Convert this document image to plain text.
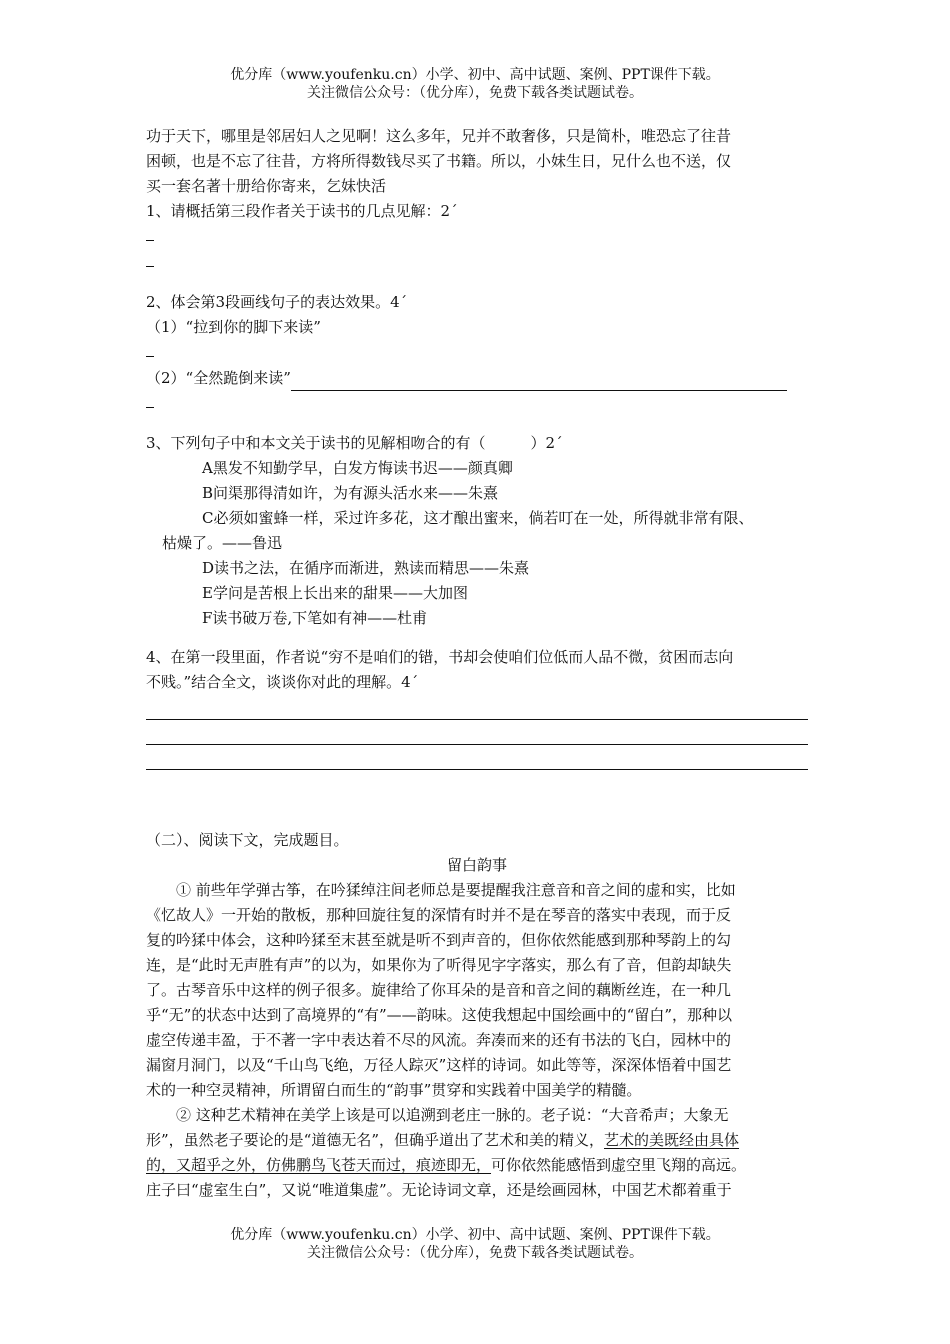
优分库（www.youfenku.cn）小学、初中、高中试题、案例、PPT课件下载。
关注微信公众号：（优分库），免费下载各类试题试卷。
功于天下，哪里是邻居妇人之见啊！这么多年，兄并不敢奢侈，只是简朴，唯恐忘了往昔
困顿，也是不忘了往昔，方将所得数钱尽买了书籍。所以，小妹生日，兄什么也不送，仅
买一套名著十册给你寄来，乞妹快活
1、请概括第三段作者关于读书的几点见解：2´
2、体会第3段画线句子的表达效果。4´
（1）“拉到你的脚下来读”
（2）“全然跪倒来读”
3、下列句子中和本文关于读书的见解相吻合的有（　　　）2´
A黑发不知勤学早，白发方悔读书迟——颜真卿
B问渠那得清如许，为有源头活水来——朱熹
C必须如蜜蜂一样，采过许多花，这才酿出蜜来，倘若叮在一处，所得就非常有限、
枯燥了。——鲁迅
D读书之法，在循序而渐进，熟读而精思——朱熹
E学问是苦根上长出来的甜果——大加图
F读书破万卷,下笔如有神——杜甫
4、在第一段里面，作者说“穷不是咱们的错，书却会使咱们位低而人品不微，贫困而志向
不贱。”结合全文，谈谈你对此的理解。4´
（二）、阅读下文，完成题目。
留白韵事
　　① 前些年学弹古筝，在吟猱绰注间老师总是要提醒我注意音和音之间的虚和实，比如
《忆故人》一开始的散板，那种回旋往复的深情有时并不是在琴音的落实中表现，而于反
复的吟猱中体会，这种吟猱至末甚至就是听不到声音的，但你依然能感到那种琴韵上的勾
连，是“此时无声胜有声”的以为，如果你为了听得见字字落实，那么有了音，但韵却缺失
了。古琴音乐中这样的例子很多。旋律给了你耳朵的是音和音之间的藕断丝连，在一种几
乎“无”的状态中达到了高境界的“有”——韵味。这使我想起中国绘画中的“留白”，那种以
虚空传递丰盈，于不著一字中表达着不尽的风流。奔凑而来的还有书法的飞白，园林中的
漏窗月洞门，以及“千山鸟飞绝，万径人踪灭”这样的诗词。如此等等，深深体悟着中国艺
术的一种空灵精神，所谓留白而生的“韵事”贯穿和实践着中国美学的精髓。
　　② 这种艺术精神在美学上该是可以追溯到老庄一脉的。老子说：“大音希声；大象无
形”，虽然老子要论的是“道德无名”，但确乎道出了艺术和美的精义，艺术的美既经由具体
的，又超乎之外，仿佛鹏鸟飞苍天而过，痕迹即无，可你依然能感悟到虚空里飞翔的高远。
庄子曰“虚室生白”，又说“唯道集虚”。无论诗词文章，还是绘画园林，中国艺术都着重于
优分库（www.youfenku.cn）小学、初中、高中试题、案例、PPT课件下载。
关注微信公众号：（优分库），免费下载各类试题试卷。
